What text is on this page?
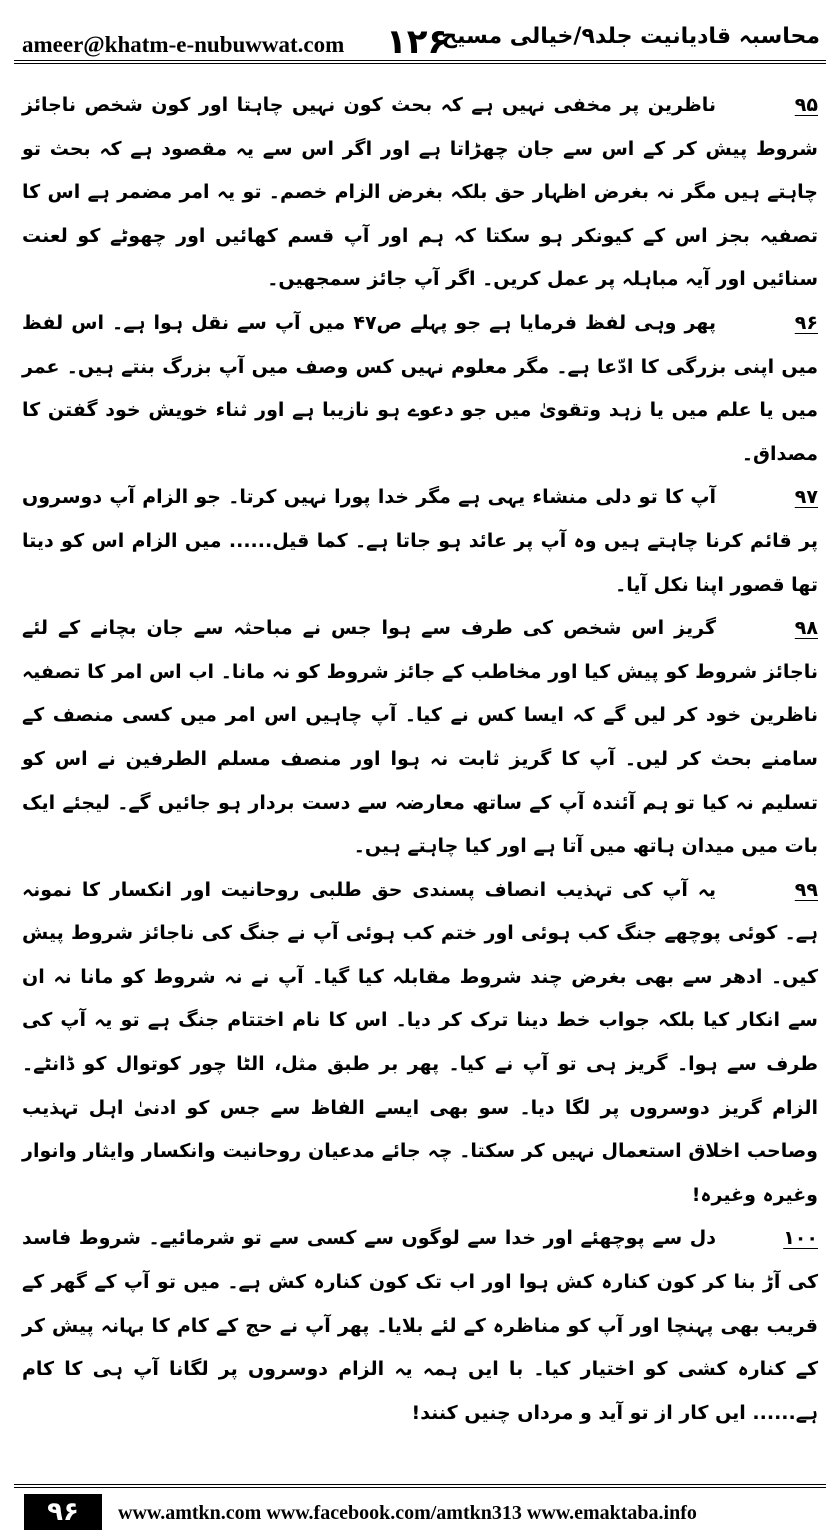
ameer@khatm-e-nubuwwat.com ۱۲۶
محاسبہ قادیانیت جلد۹/خیالی مسیح

۹۵ناظرین پر مخفی نہیں ہے کہ بحث کون نہیں چاہتا اور کون شخص ناجائز شروط پیش کر کے اس سے جان چھڑاتا ہے اور اگر اس سے یہ مقصود ہے کہ بحث تو چاہتے ہیں مگر نہ بغرض اظہار حق بلکہ بغرض الزام خصم۔ تو یہ امر مضمر ہے اس کا تصفیہ بجز اس کے کیونکر ہو سکتا کہ ہم اور آپ قسم کھائیں اور چھوٹے کو لعنت سنائیں اور آیہ مباہلہ پر عمل کریں۔ اگر آپ جائز سمجھیں۔

۹۶پھر وہی لفظ فرمایا ہے جو پہلے ص۴۷ میں آپ سے نقل ہوا ہے۔ اس لفظ میں اپنی بزرگی کا ادّعا ہے۔ مگر معلوم نہیں کس وصف میں آپ بزرگ بنتے ہیں۔ عمر میں یا علم میں یا زہد وتقویٰ میں جو دعوے ہو نازیبا ہے اور ثناء خویش خود گفتن کا مصداق۔

۹۷آپ کا تو دلی منشاء یہی ہے مگر خدا پورا نہیں کرتا۔ جو الزام آپ دوسروں پر قائم کرنا چاہتے ہیں وہ آپ پر عائد ہو جاتا ہے۔ کما قیل...... میں الزام اس کو دیتا تھا قصور اپنا نکل آیا۔

۹۸گریز اس شخص کی طرف سے ہوا جس نے مباحثہ سے جان بچانے کے لئے ناجائز شروط کو پیش کیا اور مخاطب کے جائز شروط کو نہ مانا۔ اب اس امر کا تصفیہ ناظرین خود کر لیں گے کہ ایسا کس نے کیا۔ آپ چاہیں اس امر میں کسی منصف کے سامنے بحث کر لیں۔ آپ کا گریز ثابت نہ ہوا اور منصف مسلم الطرفین نے اس کو تسلیم نہ کیا تو ہم آئندہ آپ کے ساتھ معارضہ سے دست بردار ہو جائیں گے۔ لیجئے ایک بات میں میدان ہاتھ میں آتا ہے اور کیا چاہتے ہیں۔

۹۹یہ آپ کی تہذیب انصاف پسندی حق طلبی روحانیت اور انکسار کا نمونہ ہے۔ کوئی پوچھے جنگ کب ہوئی اور ختم کب ہوئی آپ نے جنگ کی ناجائز شروط پیش کیں۔ ادھر سے بھی بغرض چند شروط مقابلہ کیا گیا۔ آپ نے نہ شروط کو مانا نہ ان سے انکار کیا بلکہ جواب خط دینا ترک کر دیا۔ اس کا نام اختتام جنگ ہے تو یہ آپ کی طرف سے ہوا۔ گریز ہی تو آپ نے کیا۔ پھر بر طبق مثل، الٹا چور کوتوال کو ڈانٹے۔ الزام گریز دوسروں پر لگا دیا۔ سو بھی ایسے الفاظ سے جس کو ادنیٰ اہل تہذیب وصاحب اخلاق استعمال نہیں کر سکتا۔ چہ جائے مدعیان روحانیت وانکسار وایثار وانوار وغیرہ وغیرہ!

۱۰۰دل سے پوچھئے اور خدا سے لوگوں سے کسی سے تو شرمائیے۔ شروط فاسد کی آڑ بنا کر کون کنارہ کش ہوا اور اب تک کون کنارہ کش ہے۔ میں تو آپ کے گھر کے قریب بھی پہنچا اور آپ کو مناظرہ کے لئے بلایا۔ پھر آپ نے حج کے کام کا بہانہ پیش کر کے کنارہ کشی کو اختیار کیا۔ با ایں ہمہ یہ الزام دوسروں پر لگانا آپ ہی کا کام ہے...... ایں کار از تو آید و مرداں چنیں کنند!

۹۶	www.amtkn.com www.facebook.com/amtkn313 www.emaktaba.info
